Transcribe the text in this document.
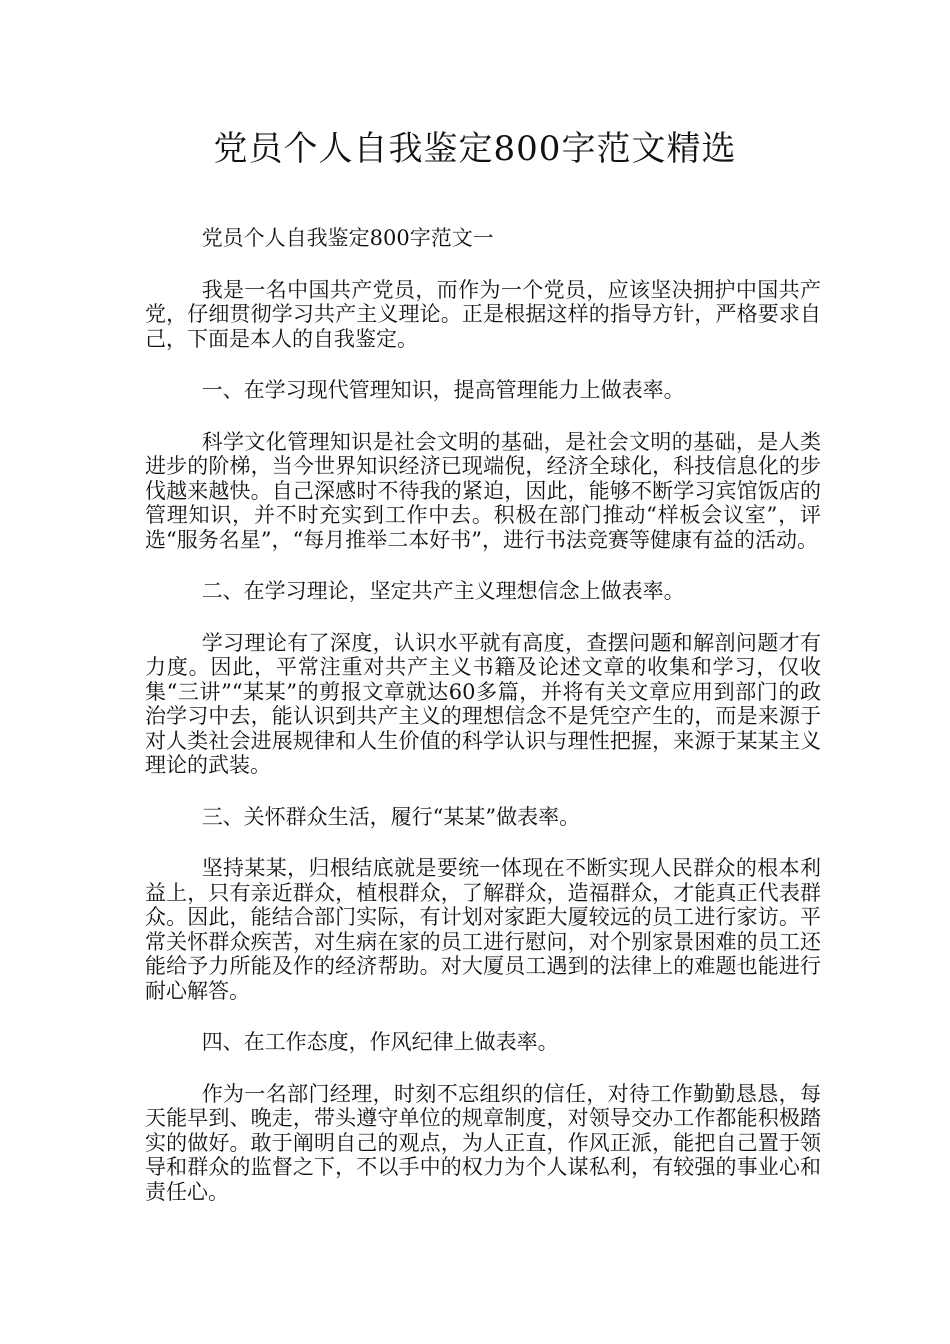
党员个人自我鉴定800字范文精选

党员个人自我鉴定800字范文一

我是一名中国共产党员，而作为一个党员，应该坚决拥护中国共产党，仔细贯彻学习共产主义理论。正是根据这样的指导方针，严格要求自己，下面是本人的自我鉴定。

一、在学习现代管理知识，提高管理能力上做表率。

科学文化管理知识是社会文明的基础，是社会文明的基础，是人类进步的阶梯，当今世界知识经济已现端倪，经济全球化，科技信息化的步伐越来越快。自己深感时不待我的紧迫，因此，能够不断学习宾馆饭店的管理知识，并不时充实到工作中去。积极在部门推动“样板会议室”，评选“服务名星”，“每月推举二本好书”，进行书法竞赛等健康有益的活动。

二、在学习理论，坚定共产主义理想信念上做表率。

学习理论有了深度，认识水平就有高度，查摆问题和解剖问题才有力度。因此，平常注重对共产主义书籍及论述文章的收集和学习，仅收集“三讲”“某某”的剪报文章就达60多篇，并将有关文章应用到部门的政治学习中去，能认识到共产主义的理想信念不是凭空产生的，而是来源于对人类社会进展规律和人生价值的科学认识与理性把握，来源于某某主义理论的武装。

三、关怀群众生活，履行“某某”做表率。

坚持某某，归根结底就是要统一体现在不断实现人民群众的根本利益上，只有亲近群众，植根群众，了解群众，造福群众，才能真正代表群众。因此，能结合部门实际，有计划对家距大厦较远的员工进行家访。平常关怀群众疾苦，对生病在家的员工进行慰问，对个别家景困难的员工还能给予力所能及作的经济帮助。对大厦员工遇到的法律上的难题也能进行耐心解答。

四、在工作态度，作风纪律上做表率。

作为一名部门经理，时刻不忘组织的信任，对待工作勤勤恳恳，每天能早到、晚走，带头遵守单位的规章制度，对领导交办工作都能积极踏实的做好。敢于阐明自己的观点，为人正直，作风正派，能把自己置于领导和群众的监督之下，不以手中的权力为个人谋私利，有较强的事业心和责任心。
